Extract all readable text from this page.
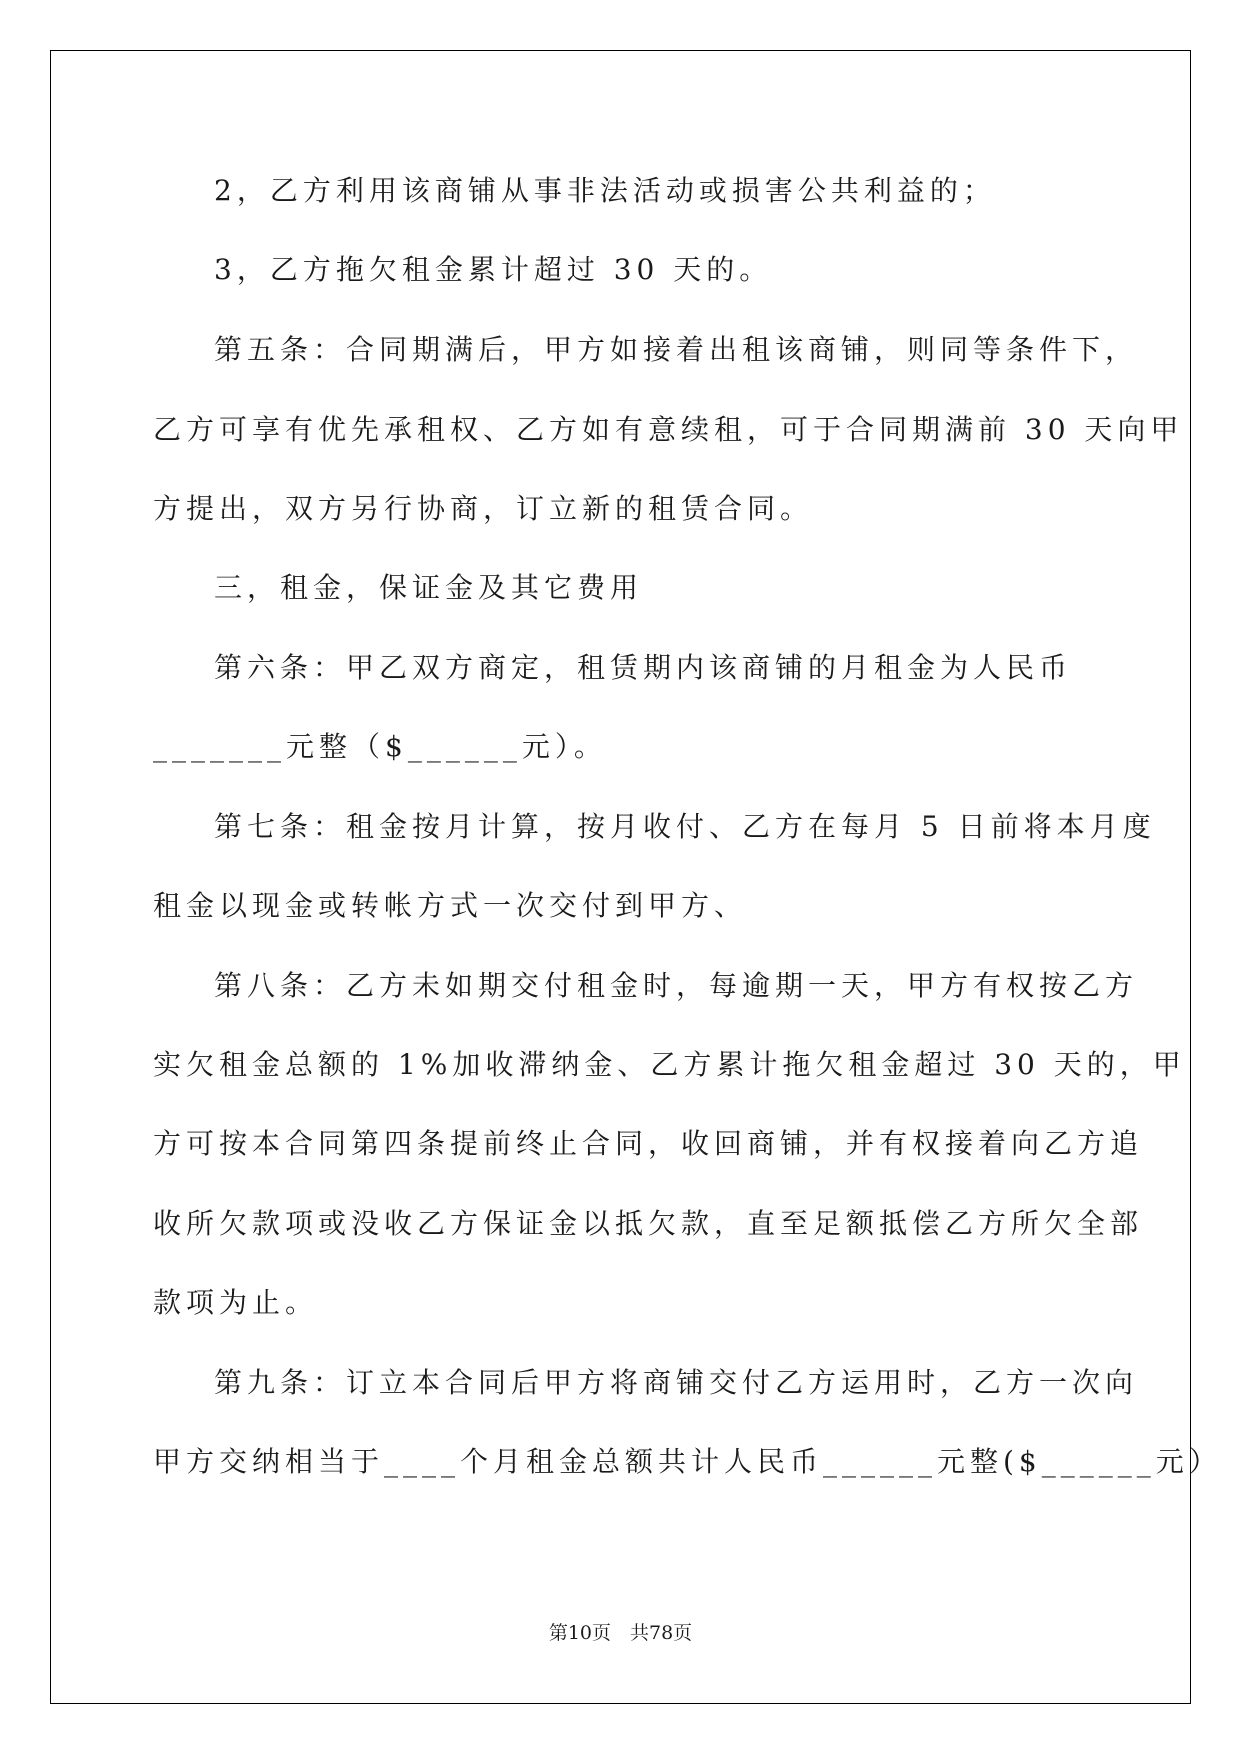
2，乙方利用该商铺从事非法活动或损害公共利益的；
3，乙方拖欠租金累计超过 30 天的。
第五条：合同期满后，甲方如接着出租该商铺，则同等条件下，
乙方可享有优先承租权、乙方如有意续租，可于合同期满前 30 天向甲
方提出，双方另行协商，订立新的租赁合同。
三，租金，保证金及其它费用
第六条：甲乙双方商定，租赁期内该商铺的月租金为人民币
_______元整（$______元）。
第七条：租金按月计算，按月收付、乙方在每月 5 日前将本月度
租金以现金或转帐方式一次交付到甲方、
第八条：乙方未如期交付租金时，每逾期一天，甲方有权按乙方
实欠租金总额的 1%加收滞纳金、乙方累计拖欠租金超过 30 天的，甲
方可按本合同第四条提前终止合同，收回商铺，并有权接着向乙方追
收所欠款项或没收乙方保证金以抵欠款，直至足额抵偿乙方所欠全部
款项为止。
第九条：订立本合同后甲方将商铺交付乙方运用时，乙方一次向
甲方交纳相当于____个月租金总额共计人民币______元整($______元）
第10页　共78页
